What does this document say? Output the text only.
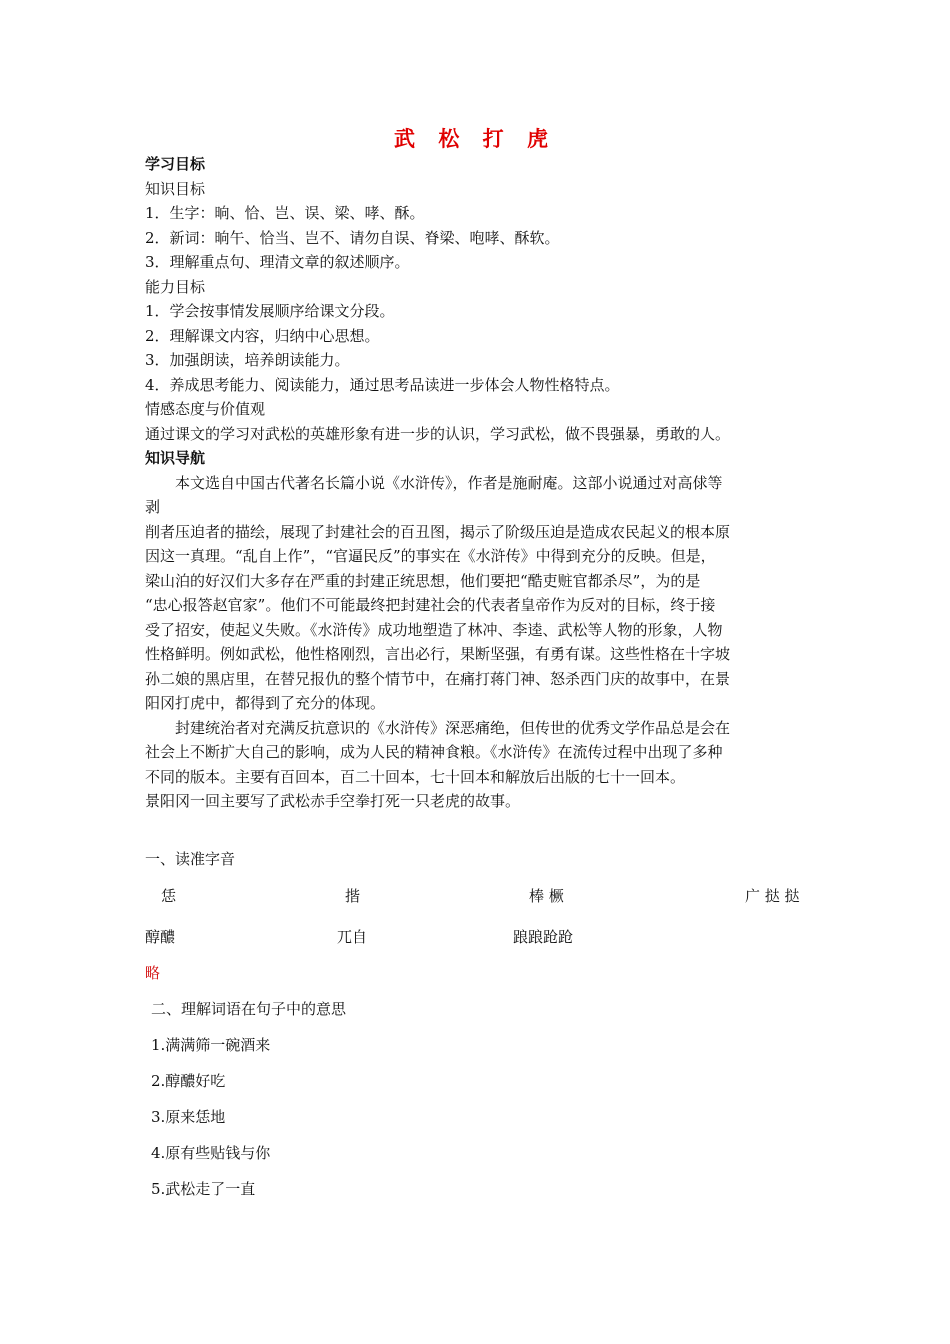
武 松 打 虎
学习目标
知识目标
1．生字：晌、恰、岂、误、梁、哮、酥。
2．新词：晌午、恰当、岂不、请勿自误、脊梁、咆哮、酥软。
3．理解重点句、理清文章的叙述顺序。
能力目标
1．学会按事情发展顺序给课文分段。
2．理解课文内容，归纳中心思想。
3．加强朗读，培养朗读能力。
4．养成思考能力、阅读能力，通过思考品读进一步体会人物性格特点。
情感态度与价值观
通过课文的学习对武松的英雄形象有进一步的认识，学习武松，做不畏强暴，勇敢的人。
知识导航
本文选自中国古代著名长篇小说《水浒传》，作者是施耐庵。这部小说通过对高俅等
剥
削者压迫者的描绘，展现了封建社会的百丑图，揭示了阶级压迫是造成农民起义的根本原
因这一真理。“乱自上作”，“官逼民反”的事实在《水浒传》中得到充分的反映。但是，
梁山泊的好汉们大多存在严重的封建正统思想，他们要把“酷吏赃官都杀尽”，为的是
“忠心报答赵官家”。他们不可能最终把封建社会的代表者皇帝作为反对的目标，终于接
受了招安，使起义失败。《水浒传》成功地塑造了林冲、李逵、武松等人物的形象，人物
性格鲜明。例如武松，他性格刚烈，言出必行，果断坚强，有勇有谋。这些性格在十字坡
孙二娘的黑店里，在替兄报仇的整个情节中，在痛打蒋门神、怒杀西门庆的故事中，在景
阳冈打虎中，都得到了充分的体现。
封建统治者对充满反抗意识的《水浒传》深恶痛绝，但传世的优秀文学作品总是会在
社会上不断扩大自己的影响，成为人民的精神食粮。《水浒传》在流传过程中出现了多种
不同的版本。主要有百回本，百二十回本，七十回本和解放后出版的七十一回本。
景阳冈一回主要写了武松赤手空拳打死一只老虎的故事。
一、读准字音
恁	揩	棒 橛	广 挞 挞
醇醲	兀自	踉踉跄跄
略
二、理解词语在句子中的意思
1.满满筛一碗酒来
2.醇醲好吃
3.原来恁地
4.原有些贴钱与你
5.武松走了一直
